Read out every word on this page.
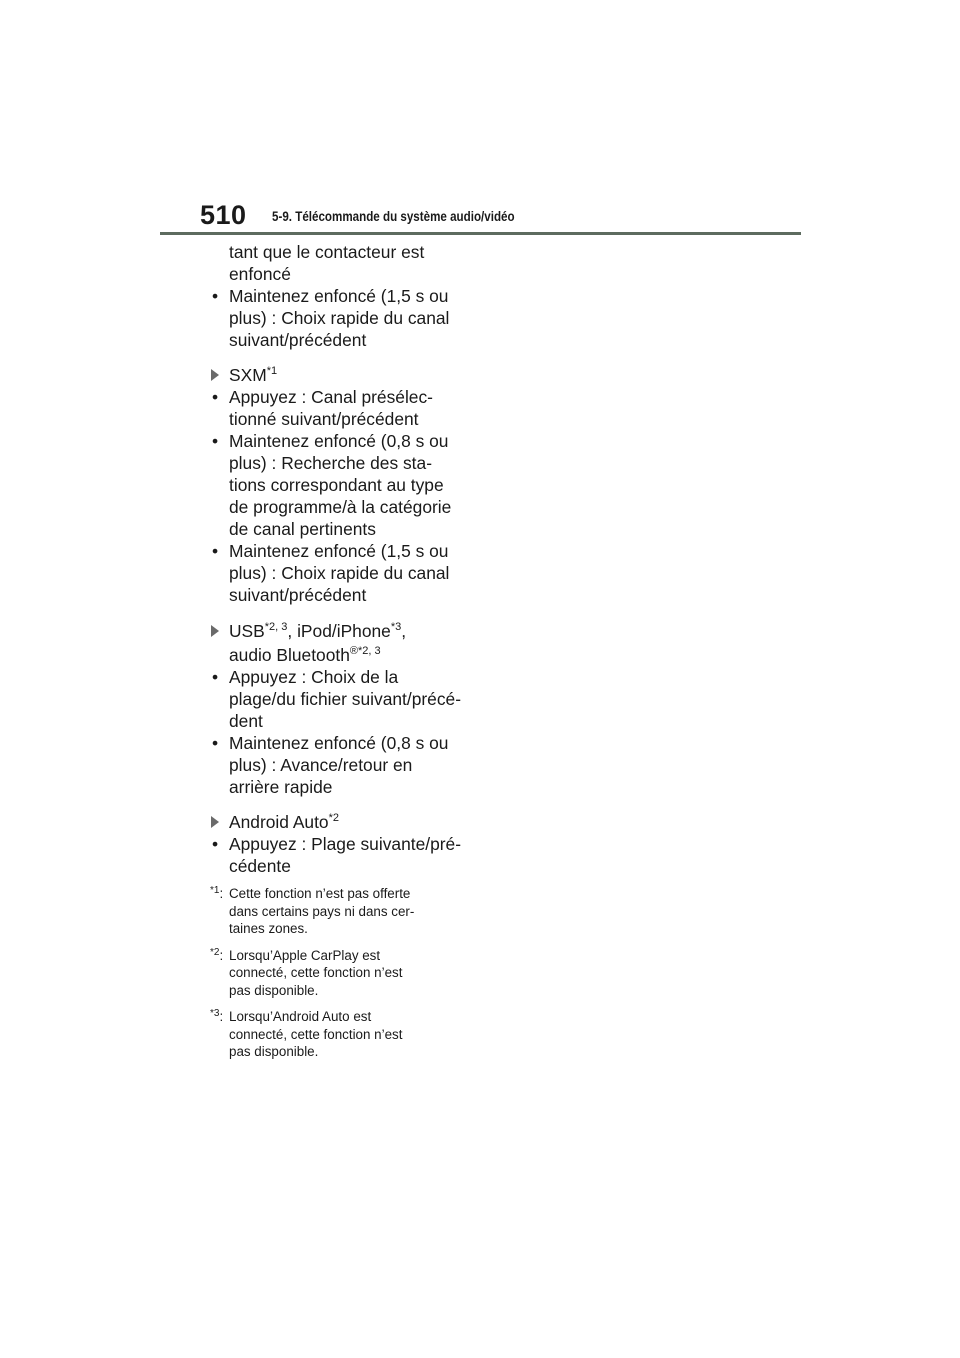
510 5-9. Télécommande du système audio/vidéo
tant que le contacteur est
enfoncé
• Maintenez enfoncé (1,5 s ou
plus) : Choix rapide du canal
suivant/précédent
SXM$^{*1}$
• Appuyez : Canal présélec-
tionné suivant/précédent
• Maintenez enfoncé (0,8 s ou
plus) : Recherche des sta-
tions correspondant au type
de programme/à la catégorie
de canal pertinents
• Maintenez enfoncé (1,5 s ou
plus) : Choix rapide du canal
suivant/précédent
USB$^{*2, 3}$, iPod/iPhone$^{*3}$,
audio Bluetooth$^{®*2, 3}$
• Appuyez : Choix de la
plage/du fichier suivant/précé-
dent
• Maintenez enfoncé (0,8 s ou
plus) : Avance/retour en
arrière rapide
Android Auto$^{*2}$
• Appuyez : Plage suivante/pré-
cédente
$^{*1}$: Cette fonction n’est pas offerte
dans certains pays ni dans cer-
taines zones.
$^{*2}$: Lorsqu’Apple CarPlay est
connecté, cette fonction n’est
pas disponible.
$^{*3}$: Lorsqu’Android Auto est
connecté, cette fonction n’est
pas disponible.
